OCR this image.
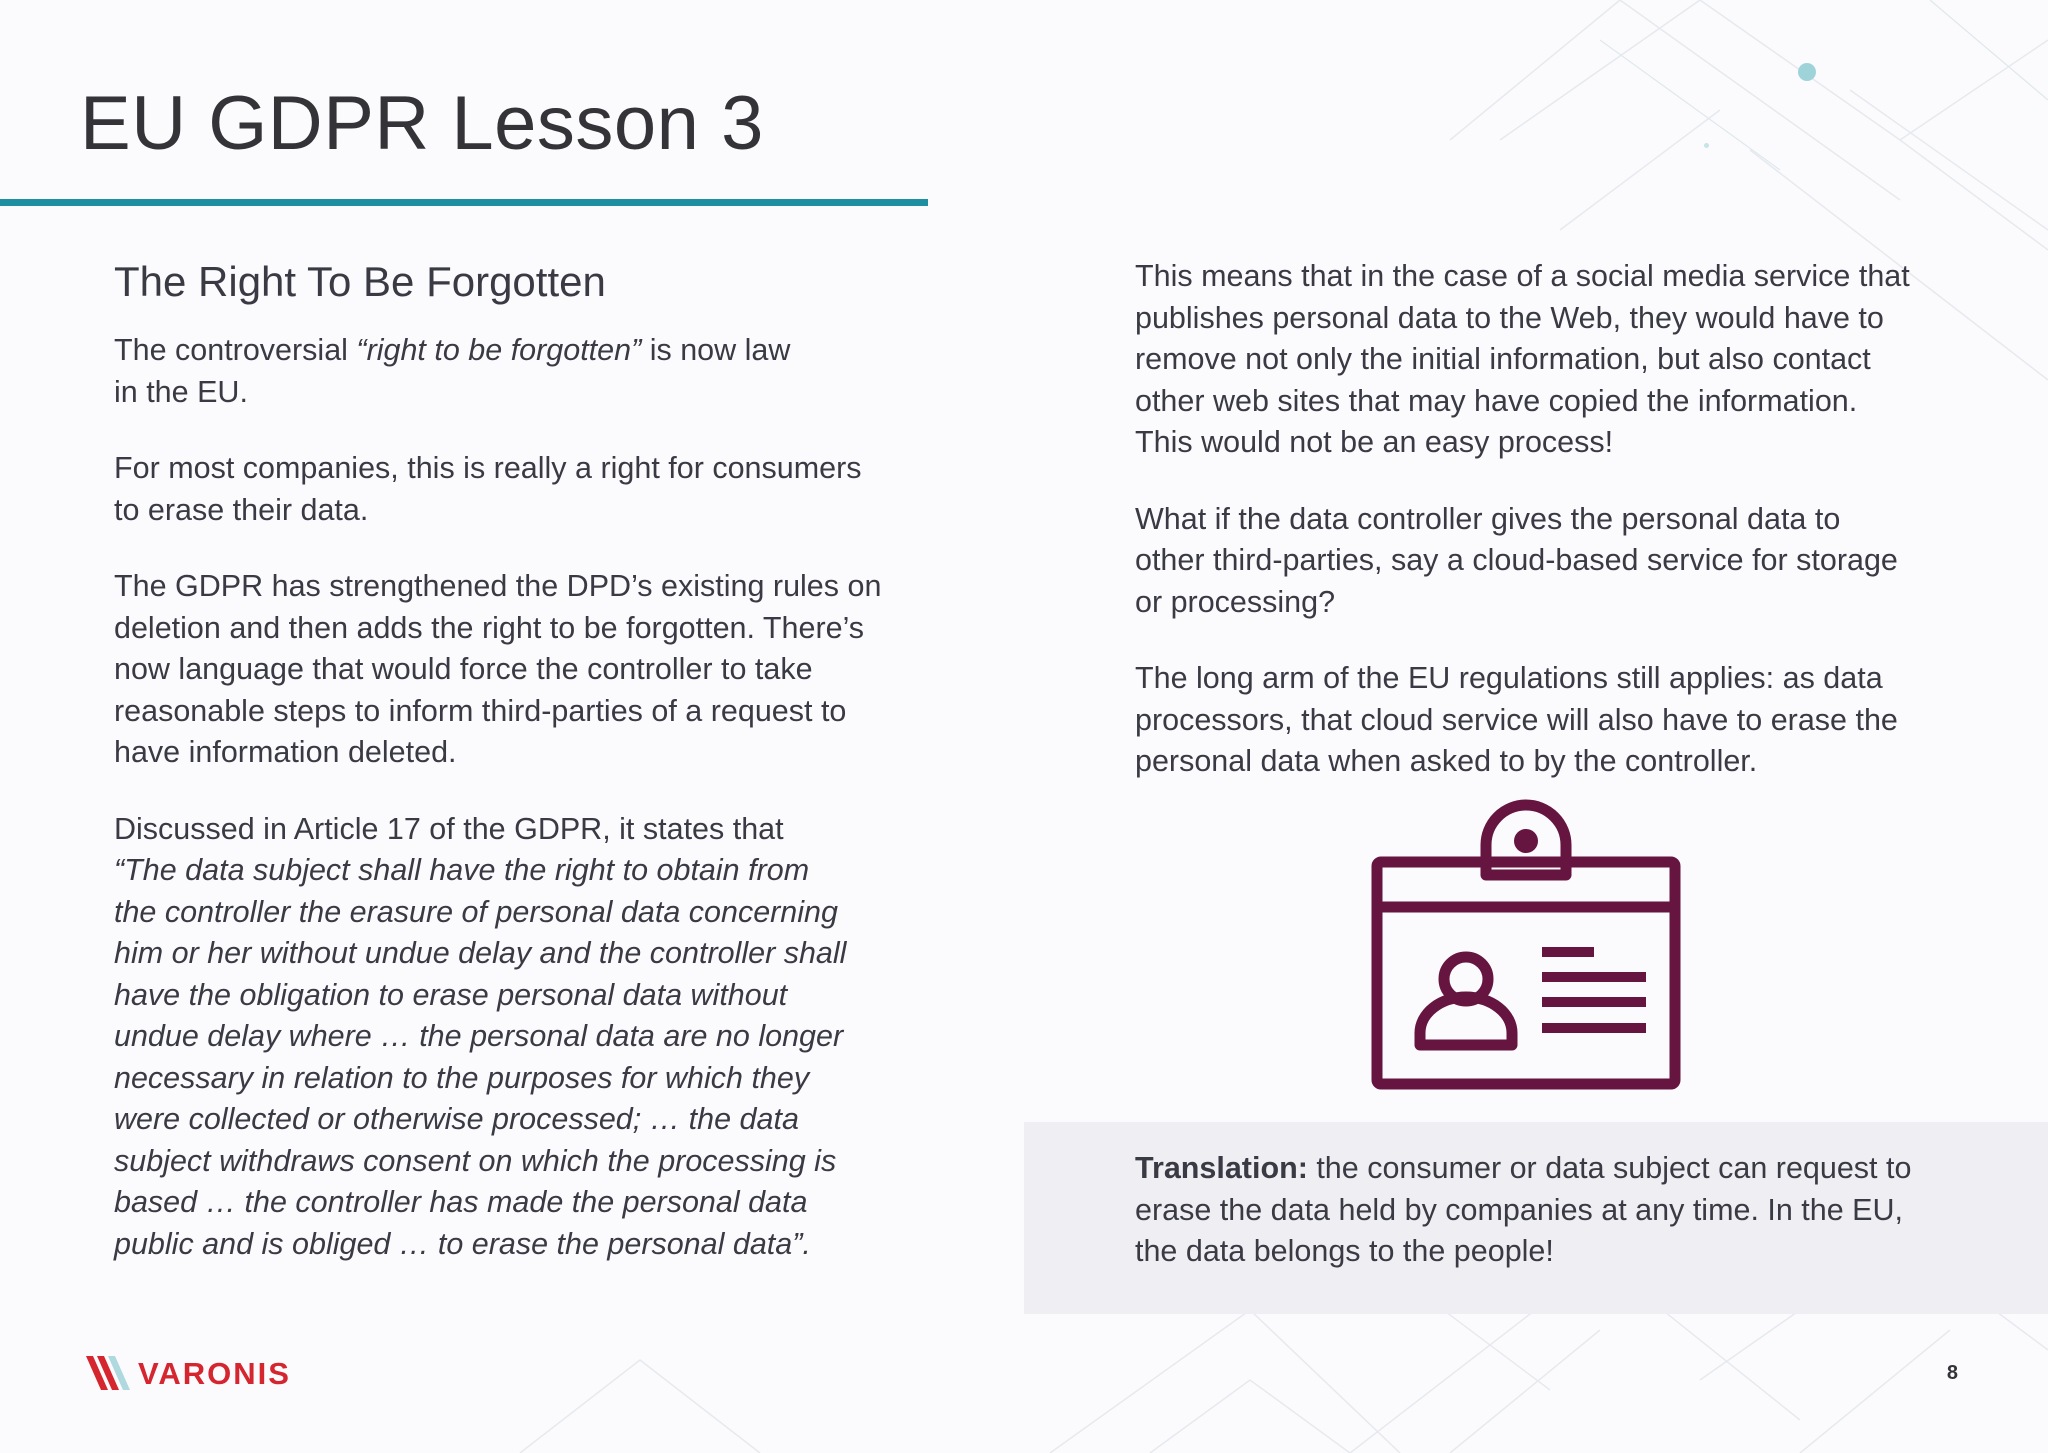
EU GDPR Lesson 3
The Right To Be Forgotten

The controversial “right to be forgotten” is now law
in the EU.

For most companies, this is really a right for consumers
to erase their data.

The GDPR has strengthened the DPD’s existing rules on
deletion and then adds the right to be forgotten. There’s
now language that would force the controller to take
reasonable steps to inform third-parties of a request to
have information deleted.

Discussed in Article 17 of the GDPR, it states that
“The data subject shall have the right to obtain from
the controller the erasure of personal data concerning
him or her without undue delay and the controller shall
have the obligation to erase personal data without
undue delay where … the personal data are no longer
necessary in relation to the purposes for which they
were collected or otherwise processed; … the data
subject withdraws consent on which the processing is
based … the controller has made the personal data
public and is obliged … to erase the personal data”.

This means that in the case of a social media service that
publishes personal data to the Web, they would have to
remove not only the initial information, but also contact
other web sites that may have copied the information.
This would not be an easy process!

What if the data controller gives the personal data to
other third-parties, say a cloud-based service for storage
or processing?

The long arm of the EU regulations still applies: as data
processors, that cloud service will also have to erase the
personal data when asked to by the controller.

Translation: the consumer or data subject can request to
erase the data held by companies at any time. In the EU,
the data belongs to the people!

VARONIS	8
